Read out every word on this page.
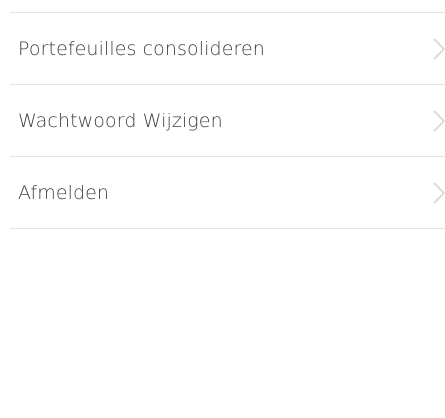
Portefeuilles consolideren
Wachtwoord Wijzigen
Afmelden
